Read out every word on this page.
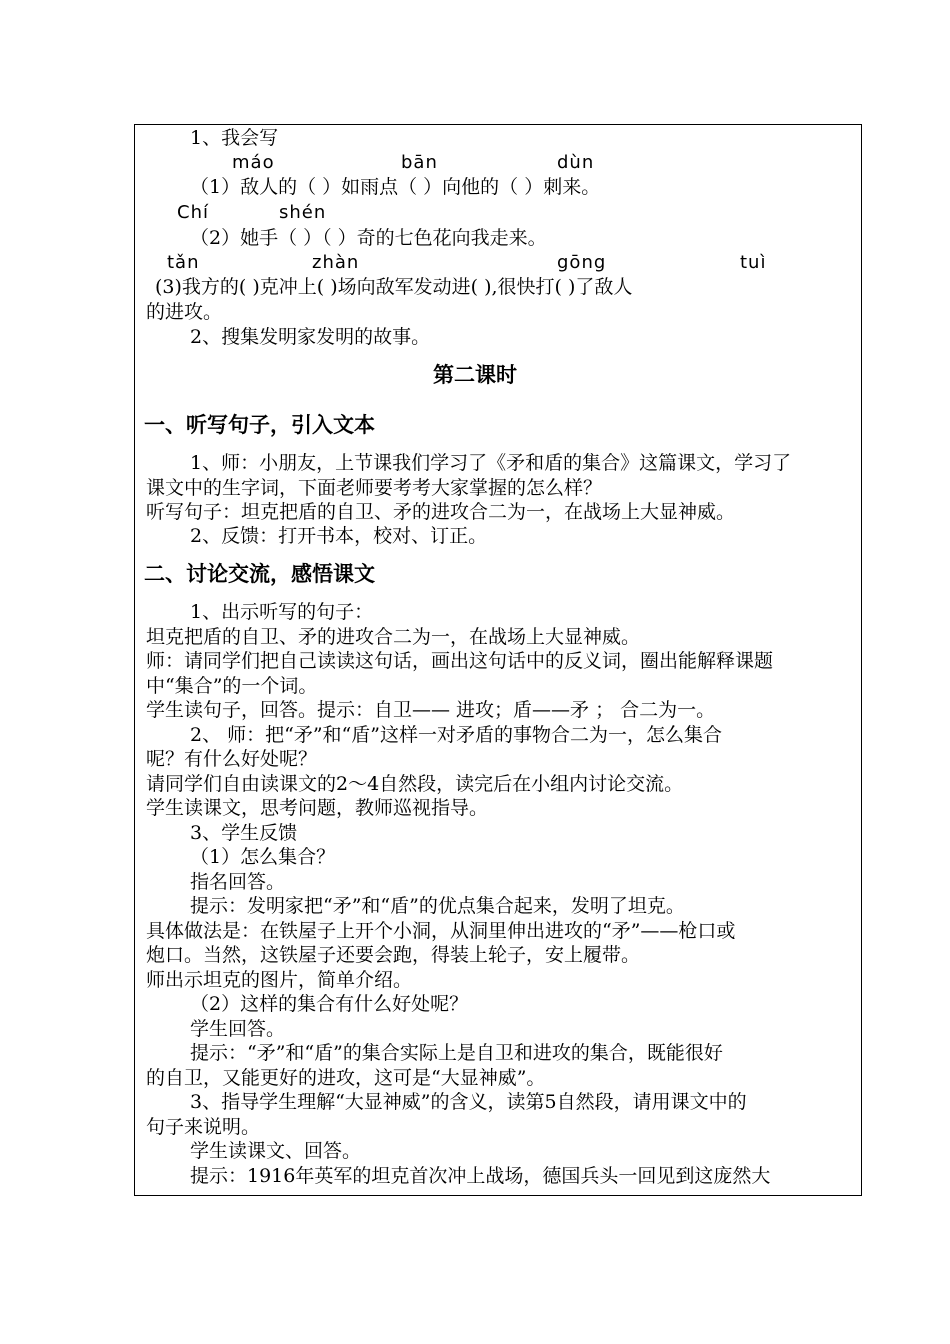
1、我会写
máo	bān	dùn
（1）敌人的（ ）如雨点（ ）向他的（ ）刺来。
Chí	shén
（2）她手（ ）（ ）奇的七色花向我走来。
tǎn	zhàn	gōng	tuì
(3)我方的( )克冲上( )场向敌军发动进( ),很快打( )了敌人
的进攻。
2、搜集发明家发明的故事。
第二课时
一、听写句子，引入文本
1、师：小朋友，上节课我们学习了《矛和盾的集合》这篇课文，学习了
课文中的生字词，下面老师要考考大家掌握的怎么样？
听写句子：坦克把盾的自卫、矛的进攻合二为一，在战场上大显神威。
2、反馈：打开书本，校对、订正。
二、讨论交流，感悟课文
1、出示听写的句子：
坦克把盾的自卫、矛的进攻合二为一，在战场上大显神威。
师：请同学们把自己读读这句话，画出这句话中的反义词，圈出能解释课题
中“集合”的一个词。
学生读句子，回答。提示：自卫—— 进攻；盾——矛 ； 合二为一。
2、 师：把“矛”和“盾”这样一对矛盾的事物合二为一，怎么集合
呢？有什么好处呢？
请同学们自由读课文的2～4自然段，读完后在小组内讨论交流。
学生读课文，思考问题，教师巡视指导。
3、学生反馈
（1）怎么集合？
指名回答。
提示：发明家把“矛”和“盾”的优点集合起来，发明了坦克。
具体做法是：在铁屋子上开个小洞，从洞里伸出进攻的“矛”——枪口或
炮口。当然，这铁屋子还要会跑，得装上轮子，安上履带。
师出示坦克的图片，简单介绍。
（2）这样的集合有什么好处呢？
学生回答。
提示：“矛”和“盾”的集合实际上是自卫和进攻的集合，既能很好
的自卫，又能更好的进攻，这可是“大显神威”。
3、指导学生理解“大显神威”的含义，读第5自然段，请用课文中的
句子来说明。
学生读课文、回答。
提示：1916年英军的坦克首次冲上战场，德国兵头一回见到这庞然大
